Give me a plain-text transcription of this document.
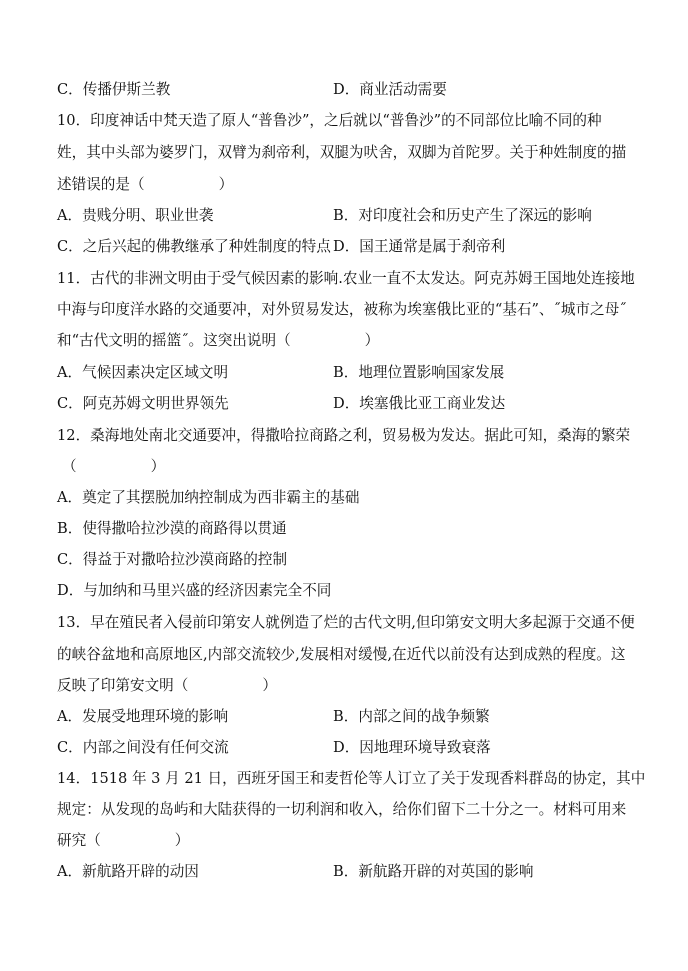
C．传播伊斯兰教	D．商业活动需要
10．印度神话中梵天造了原人“普鲁沙”，之后就以“普鲁沙”的不同部位比喻不同的种
姓，其中头部为婆罗门，双臂为刹帝利，双腿为吠舍，双脚为首陀罗。关于种姓制度的描
述错误的是（	）
A．贵贱分明、职业世袭	B．对印度社会和历史产生了深远的影响
C．之后兴起的佛教继承了种姓制度的特点 D．国王通常是属于刹帝利
11．古代的非洲文明由于受气候因素的影响.农业一直不太发达。阿克苏姆王国地处连接地
中海与印度洋水路的交通要冲，对外贸易发达，被称为埃塞俄比亚的“基石”、˝城市之母˝
和“古代文明的摇篮˝。这突出说明（	）
A．气候因素决定区域文明	B．地理位置影响国家发展
C．阿克苏姆文明世界领先	D．埃塞俄比亚工商业发达
12．桑海地处南北交通要冲，得撒哈拉商路之利，贸易极为发达。据此可知，桑海的繁荣
（	）
A．奠定了其摆脱加纳控制成为西非霸主的基础
B．使得撒哈拉沙漠的商路得以贯通
C．得益于对撒哈拉沙漠商路的控制
D．与加纳和马里兴盛的经济因素完全不同
13．早在殖民者入侵前印第安人就例造了烂的古代文明,但印第安文明大多起源于交通不便
的峡谷盆地和高原地区,内部交流较少,发展相对缓慢,在近代以前没有达到成熟的程度。这
反映了印第安文明（	）
A．发展受地理环境的影响	B．内部之间的战争频繁
C．内部之间没有任何交流	D．因地理环境导致衰落
14．1518 年 3 月 21 日，西班牙国王和麦哲伦等人订立了关于发现香料群岛的协定，其中
规定：从发现的岛屿和大陆获得的一切利润和收入，给你们留下二十分之一。材料可用来
研究（	）
A．新航路开辟的动因	B．新航路开辟的对英国的影响
